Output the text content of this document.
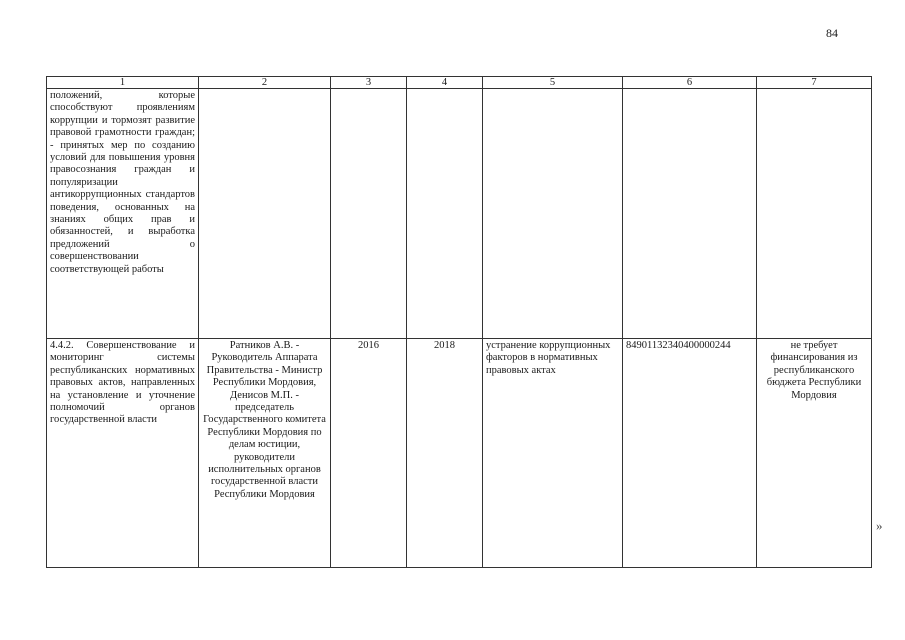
84
1	2	3	4	5	6	7
положений, которые способствуют проявлениям коррупции и тормозят развитие правовой грамотности граждан; - принятых мер по созданию условий для повышения уровня правосознания граждан и популяризации антикоррупционных стандартов поведения, основанных на знаниях общих прав и обязанностей, и выработка предложений о совершенствовании соответствующей работы						
4.4.2. Совершенствование и мониторинг системы республиканских нормативных правовых актов, направленных на установление и уточнение полномочий органов государственной власти	Ратников А.В. - Руководитель Аппарата Правительства - Министр Республики Мордовия, Денисов М.П. - председатель Государственного комитета Республики Мордовия по делам юстиции, руководители исполнительных органов государственной власти Республики Мордовия	2016	2018	устранение коррупционных факторов в нормативных правовых актах	84901132340400000244	не требует финансирования из республиканского бюджета Республики Мордовия
»
